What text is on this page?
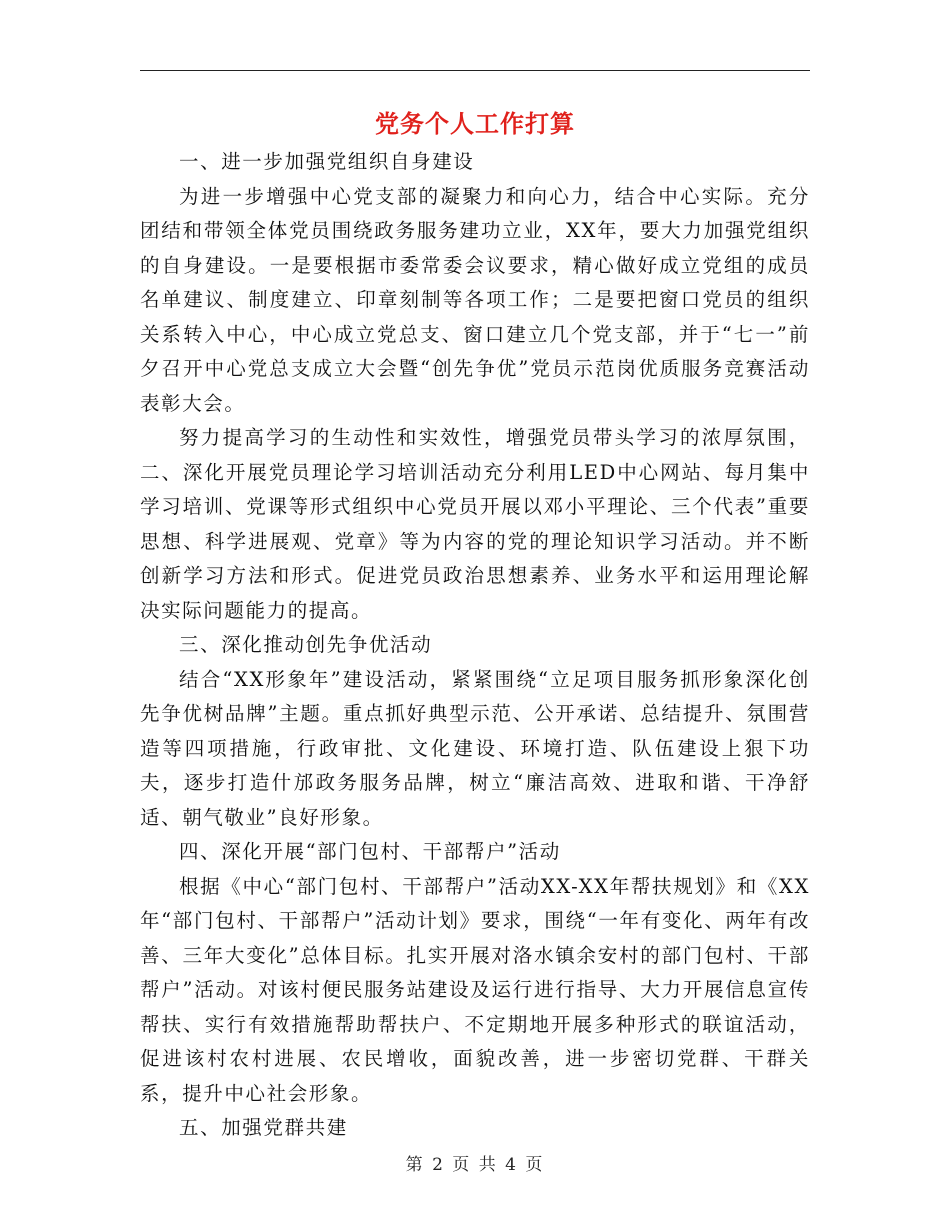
党务个人工作打算

一、进一步加强党组织自身建设

为进一步增强中心党支部的凝聚力和向心力，结合中心实际。充分团结和带领全体党员围绕政务服务建功立业，XX年，要大力加强党组织的自身建设。一是要根据市委常委会议要求，精心做好成立党组的成员名单建议、制度建立、印章刻制等各项工作；二是要把窗口党员的组织关系转入中心，中心成立党总支、窗口建立几个党支部，并于“七一”前夕召开中心党总支成立大会暨“创先争优”党员示范岗优质服务竞赛活动表彰大会。

努力提高学习的生动性和实效性，增强党员带头学习的浓厚氛围，二、深化开展党员理论学习培训活动充分利用LED中心网站、每月集中学习培训、党课等形式组织中心党员开展以邓小平理论、三个代表”重要思想、科学进展观、党章》等为内容的党的理论知识学习活动。并不断创新学习方法和形式。促进党员政治思想素养、业务水平和运用理论解决实际问题能力的提高。

三、深化推动创先争优活动

结合“XX形象年”建设活动，紧紧围绕“立足项目服务抓形象深化创先争优树品牌”主题。重点抓好典型示范、公开承诺、总结提升、氛围营造等四项措施，行政审批、文化建设、环境打造、队伍建设上狠下功夫，逐步打造什邡政务服务品牌，树立“廉洁高效、进取和谐、干净舒适、朝气敬业”良好形象。

四、深化开展“部门包村、干部帮户”活动

根据《中心“部门包村、干部帮户”活动XX-XX年帮扶规划》和《XX年“部门包村、干部帮户”活动计划》要求，围绕“一年有变化、两年有改善、三年大变化”总体目标。扎实开展对洛水镇余安村的部门包村、干部帮户”活动。对该村便民服务站建设及运行进行指导、大力开展信息宣传帮扶、实行有效措施帮助帮扶户、不定期地开展多种形式的联谊活动，促进该村农村进展、农民增收，面貌改善，进一步密切党群、干群关系，提升中心社会形象。

五、加强党群共建

第 2 页 共 4 页
